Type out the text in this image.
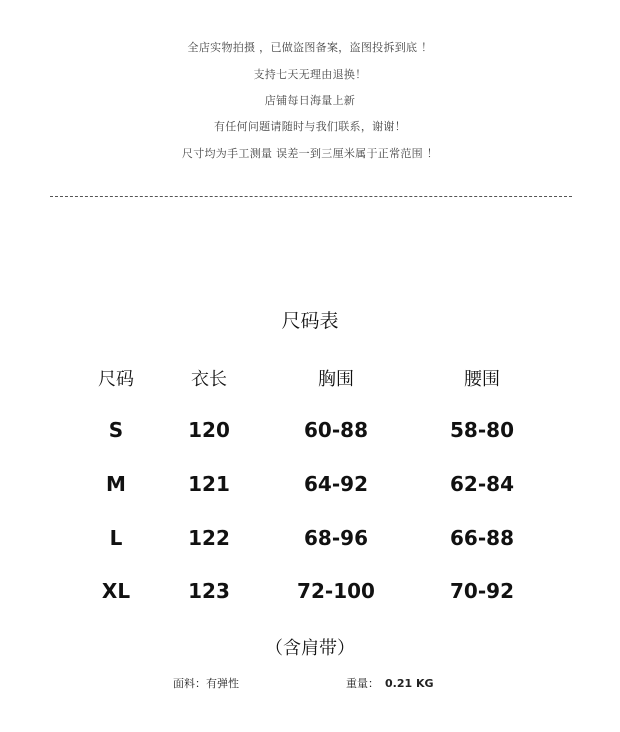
全店实物拍摄 ，已做盗图备案，盗图投拆到底 ！
支持七天无理由退换！
店铺每日海量上新
有任何问题请随时与我们联系，谢谢！
尺寸均为手工测量 误差一到三厘米属于正常范围 ！
尺码表
尺码	衣长	胸围	腰围
S	120	60-88	58-80
M	121	64-92	62-84
L	122	68-96	66-88
XL	123	72-100	70-92
（含肩带）
面料：有弹性	重量： 0.21 KG
